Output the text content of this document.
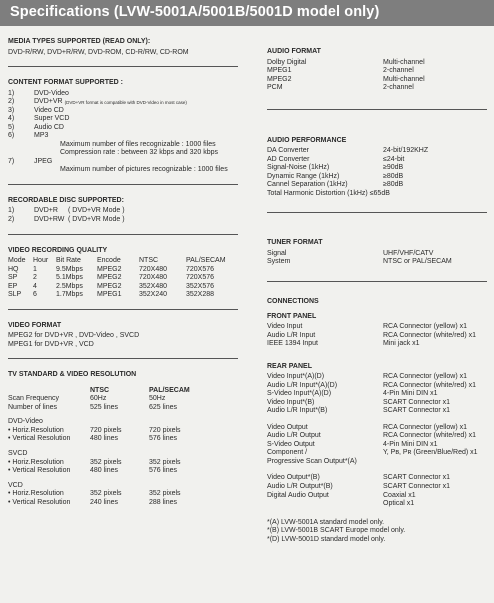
Specifications (LVW-5001A/5001B/5001D model only)
MEDIA TYPES SUPPORTED (READ ONLY):
DVD-R/RW, DVD+R/RW, DVD-ROM, CD-R/RW, CD-ROM
CONTENT FORMAT SUPPORTED :
1)	DVD-Video
2)	DVD+VR (DVD+VR format is compatible with DVD-Video in most case)
3)	Video CD
4)	Super VCD
5)	Audio CD
6)	MP3
Maximum number of files recognizable : 1000 files
Compression rate : between 32 kbps and 320 kbps
7)	JPEG
Maximum number of pictures recognizable : 1000 files
RECORDABLE DISC SUPPORTED:
1)	DVD+R	( DVD+VR Mode )
2)	DVD+RW ( DVD+VR Mode )
VIDEO RECORDING QUALITY
Mode	Hour	Bit Rate	Encode	NTSC	PAL/SECAM
HQ	1	9.5Mbps	MPEG2	720X480	720X576
SP	2	5.1Mbps	MPEG2	720X480	720X576
EP	4	2.5Mbps	MPEG2	352X480	352X576
SLP	6	1.7Mbps	MPEG1	352X240	352X288
VIDEO FORMAT
MPEG2 for DVD+VR , DVD-Video , SVCD
MPEG1 for DVD+VR , VCD
TV STANDARD & VIDEO RESOLUTION
	NTSC	PAL/SECAM
Scan Frequency	60Hz	50Hz
Number of lines	525 lines	625 lines

DVD-Video		
• Horiz.Resolution	720 pixels	720 pixels
• Vertical Resolution	480 lines	576 lines

SVCD		
• Horiz.Resolution	352 pixels	352 pixels
• Vertical Resolution	480 lines	576 lines

VCD		
• Horiz.Resolution	352 pixels	352 pixels
• Vertical Resolution	240 lines	288 lines
AUDIO FORMAT
Dolby Digital	Multi-channel
MPEG1	2-channel
MPEG2	Multi-channel
PCM	2-channel
AUDIO PERFORMANCE
DA Converter	24-bit/192KHZ
AD Converter	≤24-bit
Signal-Noise (1kHz)	≥90dB
Dynamic Range (1kHz)	≥80dB
Cannel Separation (1kHz)	≥80dB
Total Harmonic Distortion (1kHz) ≤65dB
TUNER FORMAT
Signal	UHF/VHF/CATV
System	NTSC or PAL/SECAM
CONNECTIONS
FRONT PANEL
Video Input	RCA Connector (yellow) x1
Audio L/R Input	RCA Connector (white/red) x1
IEEE 1394 Input	Mini jack x1
REAR PANEL
Video Input*(A)(D)	RCA Connector (yellow) x1
Audio L/R Input*(A)(D)	RCA Connector (white/red) x1
S-Video Input*(A)(D)	4-Pin Mini DIN x1
Video Input*(B)	SCART Connector x1
Audio L/R Input*(B)	SCART Connector x1
Video Output	RCA Connector (yellow) x1
Audio L/R Output	RCA Connector (white/red) x1
S-Video Output	4-Pin Mini DIN x1
Component /	Y, Pʙ, Pʀ (Green/Blue/Red) x1
Progressive Scan Output*(A)	
Video Output*(B)	SCART Connector x1
Audio L/R Output*(B)	SCART Connector x1
Digital Audio Output	Coaxial x1
	Optical x1
*(A) LVW-5001A standard model only.
*(B) LVW-5001B SCART Europe model only.
*(D) LVW-5001D standard model only.
